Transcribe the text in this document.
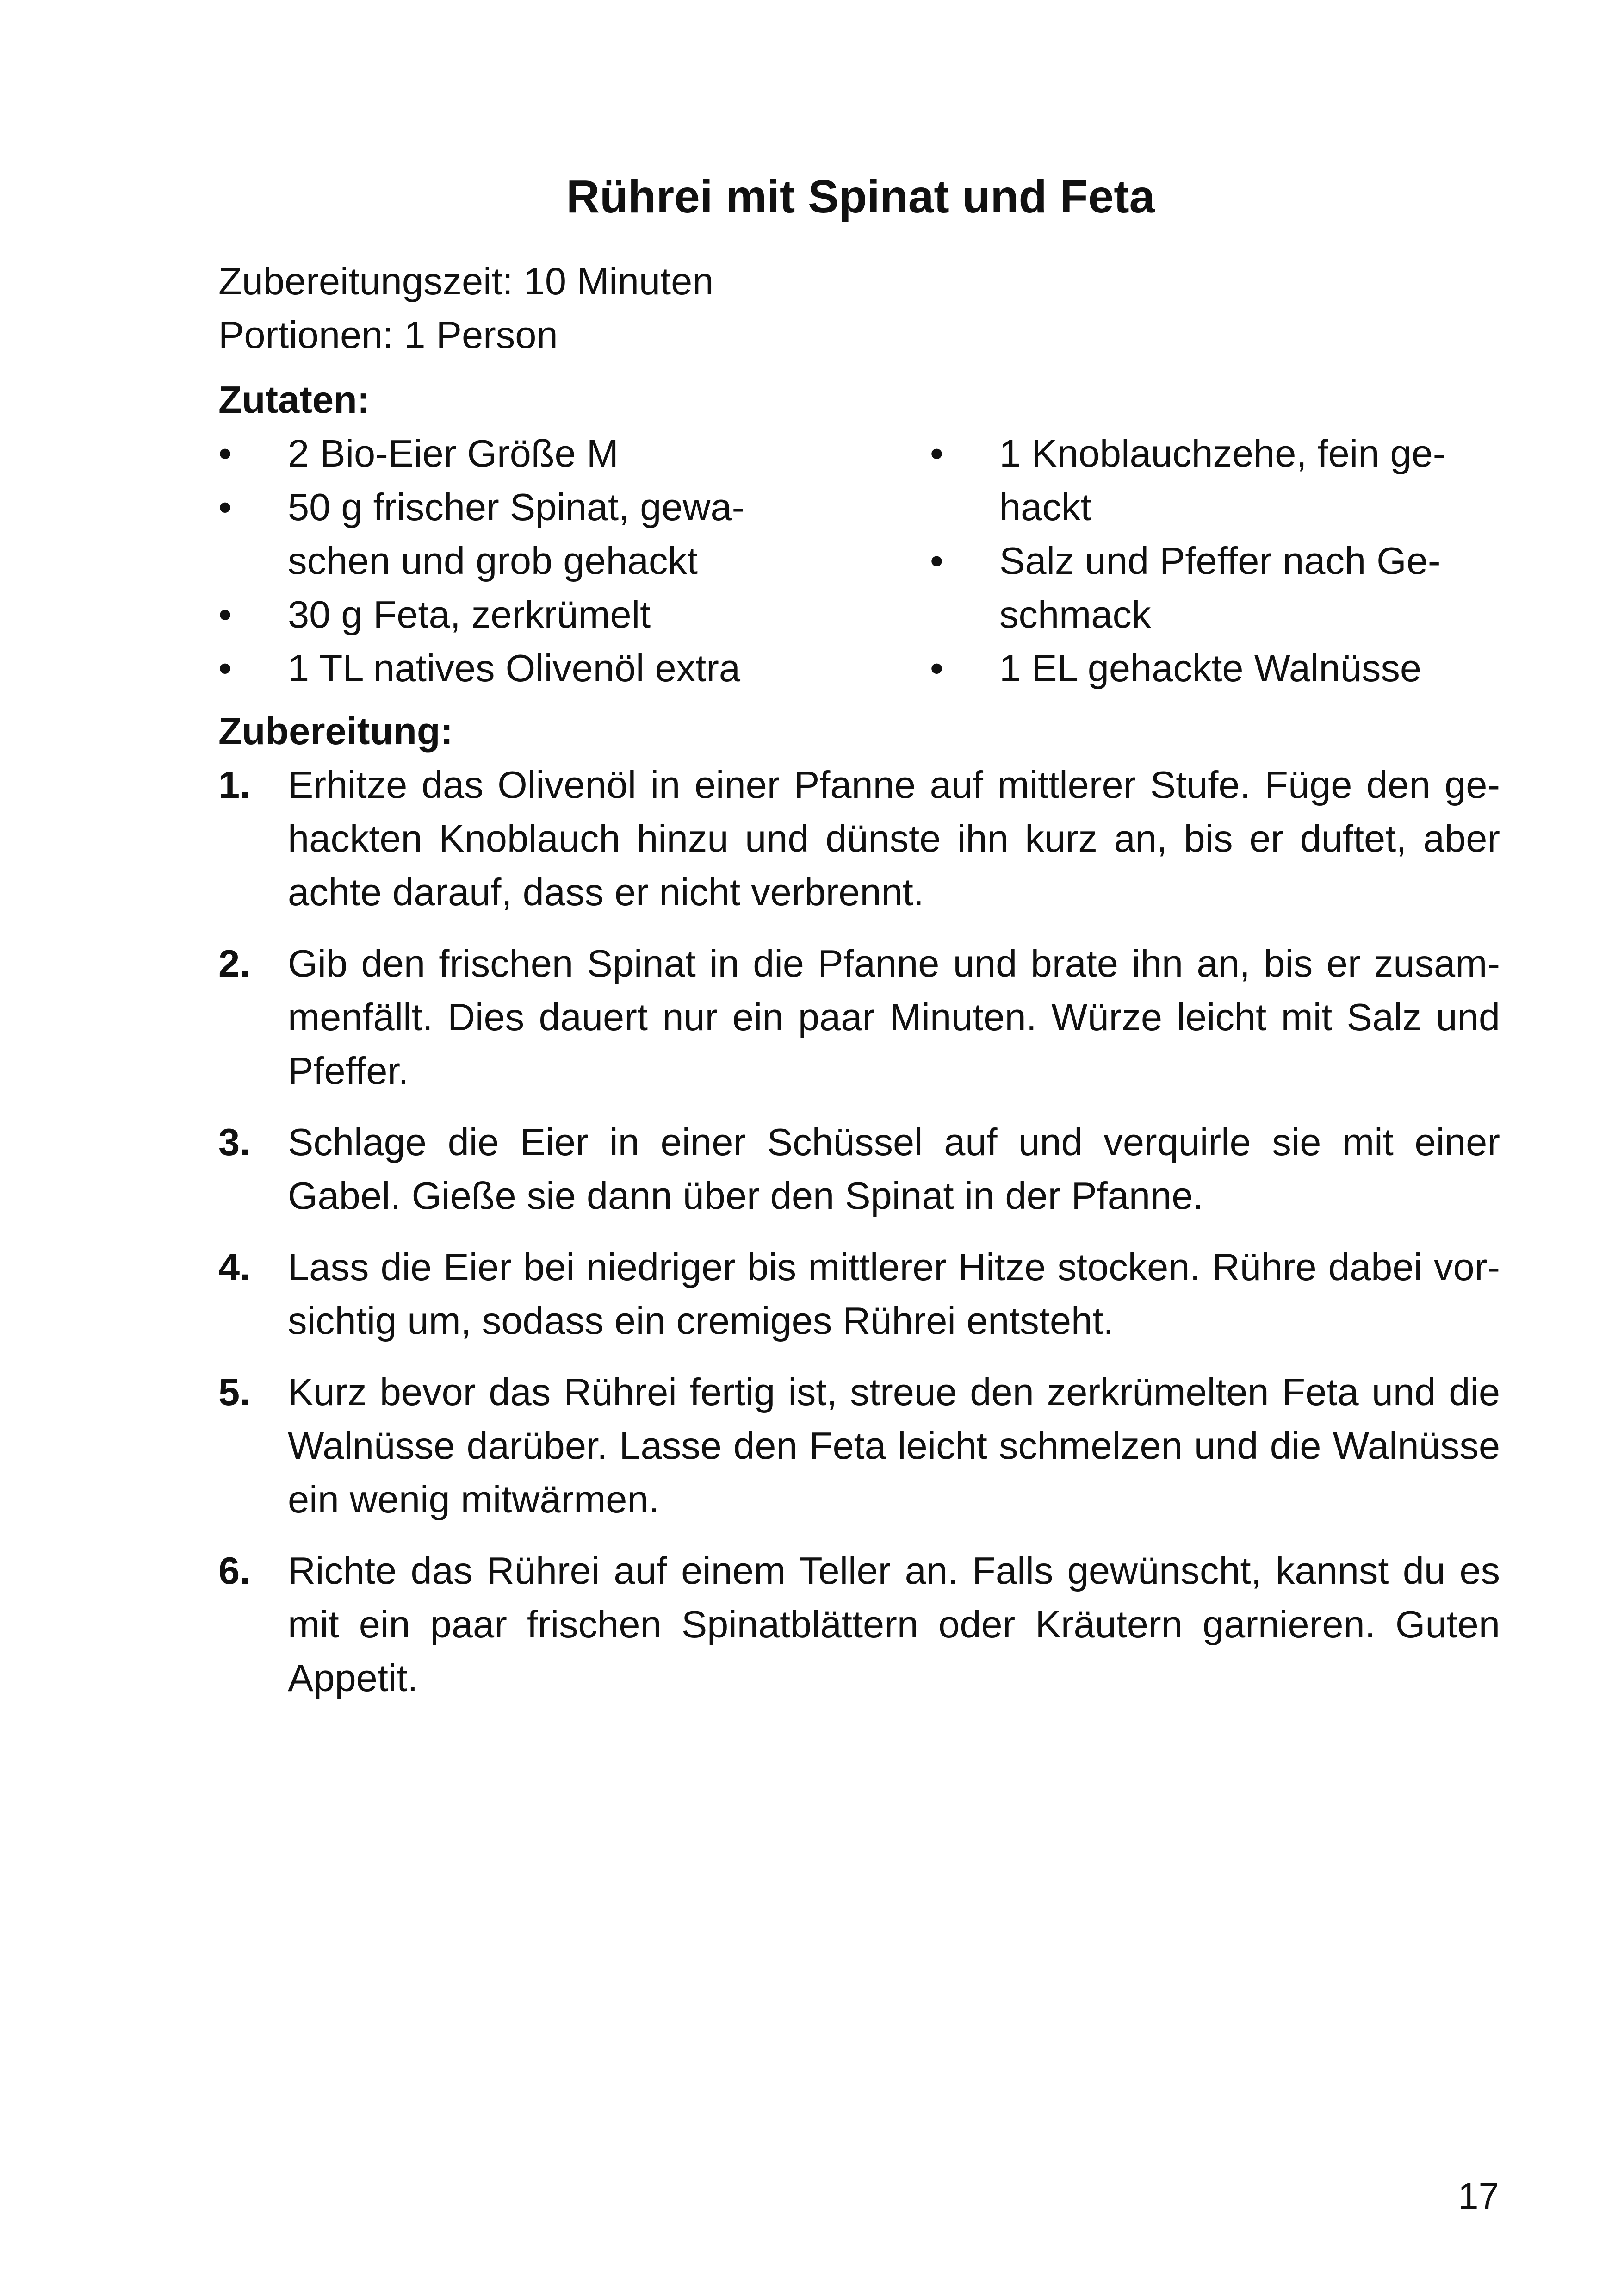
Rührei mit Spinat und Feta

Zubereitungszeit: 10 Minuten

Portionen: 1 Person

Zutaten:
•	2 Bio-Eier Größe M
•	50 g frischer Spinat, gewaschen und grob gehackt
•	30 g Feta, zerkrümelt
•	1 TL natives Olivenöl extra
•	1 Knoblauchzehe, fein gehackt
•	Salz und Pfeffer nach Geschmack
•	1 EL gehackte Walnüsse
Zubereitung:
1. Erhitze das Olivenöl in einer Pfanne auf mittlerer Stufe. Füge den gehackten Knoblauch hinzu und dünste ihn kurz an, bis er duftet, aber achte darauf, dass er nicht verbrennt.
2. Gib den frischen Spinat in die Pfanne und brate ihn an, bis er zusammenfällt. Dies dauert nur ein paar Minuten. Würze leicht mit Salz und Pfeffer.
3. Schlage die Eier in einer Schüssel auf und verquirle sie mit einer Gabel. Gieße sie dann über den Spinat in der Pfanne.
4. Lass die Eier bei niedriger bis mittlerer Hitze stocken. Rühre dabei vorsichtig um, sodass ein cremiges Rührei entsteht.
5. Kurz bevor das Rührei fertig ist, streue den zerkrümelten Feta und die Walnüsse darüber. Lasse den Feta leicht schmelzen und die Walnüsse ein wenig mitwärmen.
6. Richte das Rührei auf einem Teller an. Falls gewünscht, kannst du es mit ein paar frischen Spinatblättern oder Kräutern garnieren. Guten Appetit.

17
